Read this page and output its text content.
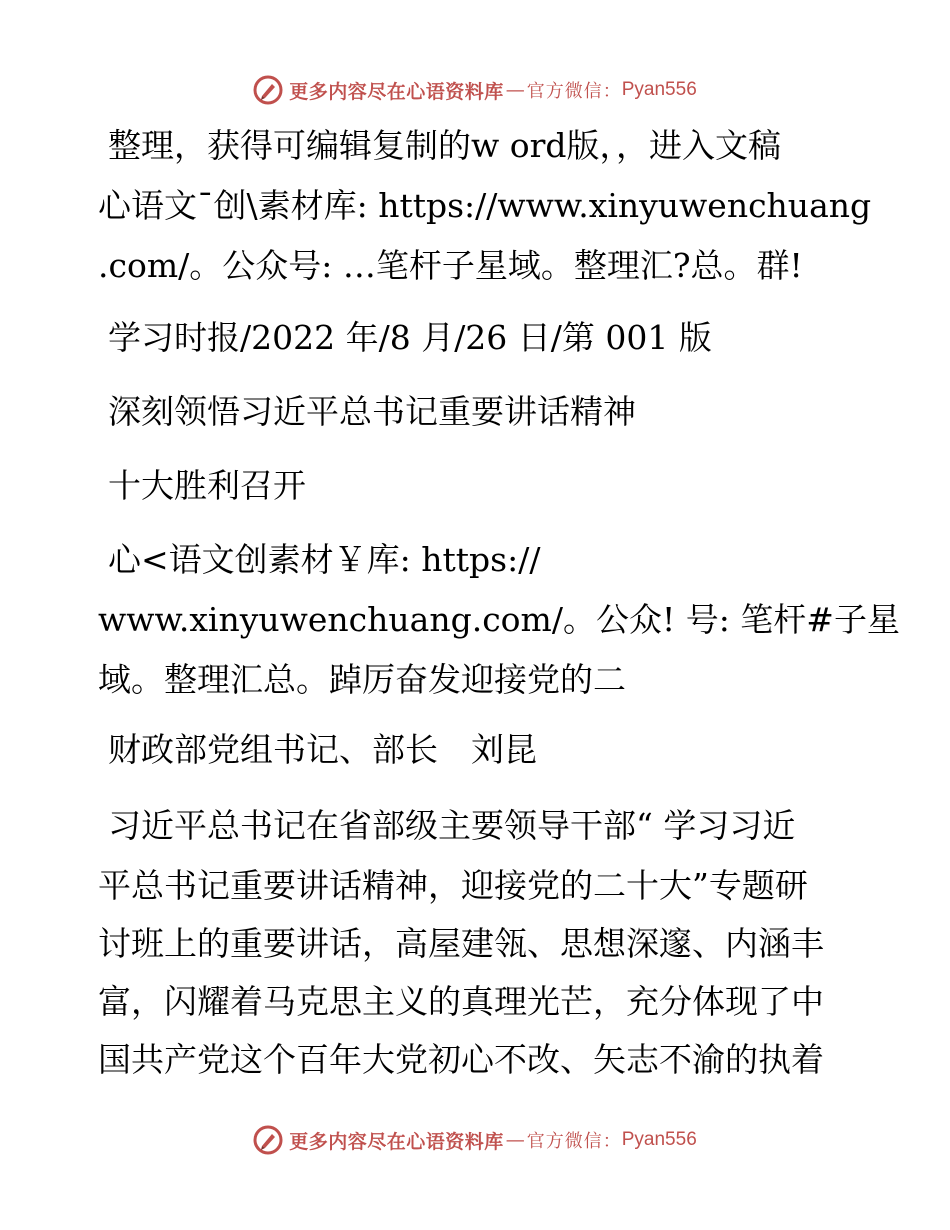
更多内容尽在心语资料库 — 官方微信： Pyan556
整理，获得可编辑复制的w ord版，，进入文稿
心语文¯创\素材库: https://www.xinyuwenchuang
.com/。公众号: …笔杆子星域。整理汇?总。群!
学习时报/2022 年/8 月/26 日/第 001 版
深刻领悟习近平总书记重要讲话精神
十大胜利召开
心<语文创素材￥库: https://
www.xinyuwenchuang.com/。公众! 号: 笔杆#子星
域。整理汇总。踔厉奋发迎接党的二
财政部党组书记、部长　刘昆
习近平总书记在省部级主要领导干部“ 学习习近
平总书记重要讲话精神，迎接党的二十大”专题研
讨班上的重要讲话，高屋建瓴、思想深邃、内涵丰
富，闪耀着马克思主义的真理光芒，充分体现了中
国共产党这个百年大党初心不改、矢志不渝的执着
更多内容尽在心语资料库 — 官方微信： Pyan556
